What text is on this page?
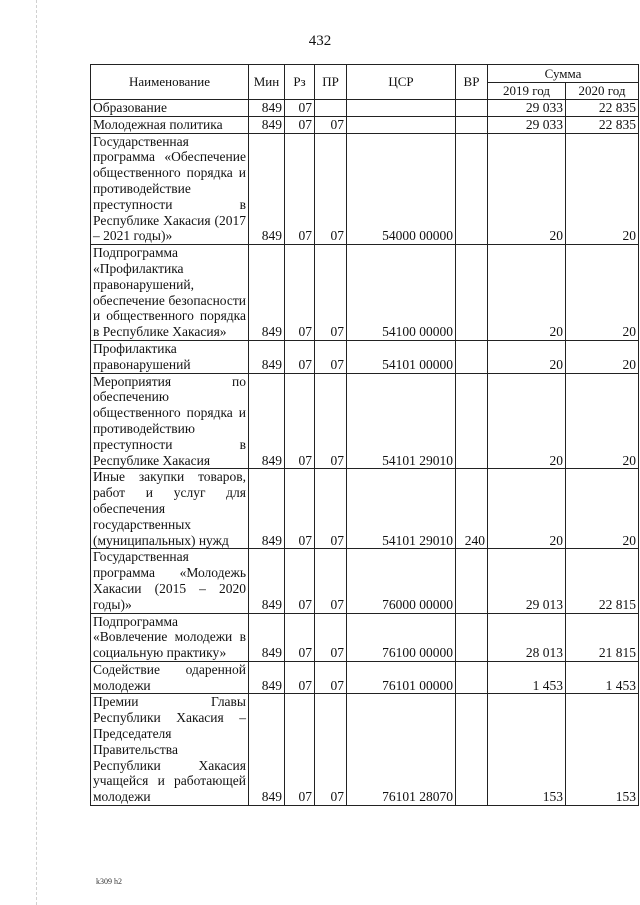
432
Наименование	Мин	Рз	ПР	ЦСР	ВР	Сумма	
						2019 год	2020 год
Образование	849	07				29 033	22 835
Молодежная политика	849	07	07			29 033	22 835
Государственная программа «Обеспечение общественного порядка и противодействие преступности в Республике Хакасия (2017 – 2021 годы)»	849	07	07	54000 00000		20	20
Подпрограмма «Профилактика правонарушений, обеспечение безопасности и общественного порядка в Республике Хакасия»	849	07	07	54100 00000		20	20
Профилактика правонарушений	849	07	07	54101 00000		20	20
Мероприятия по обеспечению общественного порядка и противодействию преступности в Республике Хакасия	849	07	07	54101 29010		20	20
Иные закупки товаров, работ и услуг для обеспечения государственных (муниципальных) нужд	849	07	07	54101 29010	240	20	20
Государственная программа «Молодежь Хакасии (2015 – 2020 годы)»	849	07	07	76000 00000		29 013	22 815
Подпрограмма «Вовлечение молодежи в социальную практику»	849	07	07	76100 00000		28 013	21 815
Содействие одаренной молодежи	849	07	07	76101 00000		1 453	1 453
Премии Главы Республики Хакасия – Председателя Правительства Республики Хакасия учащейся и работающей молодежи	849	07	07	76101 28070		153	153
k309 h2
